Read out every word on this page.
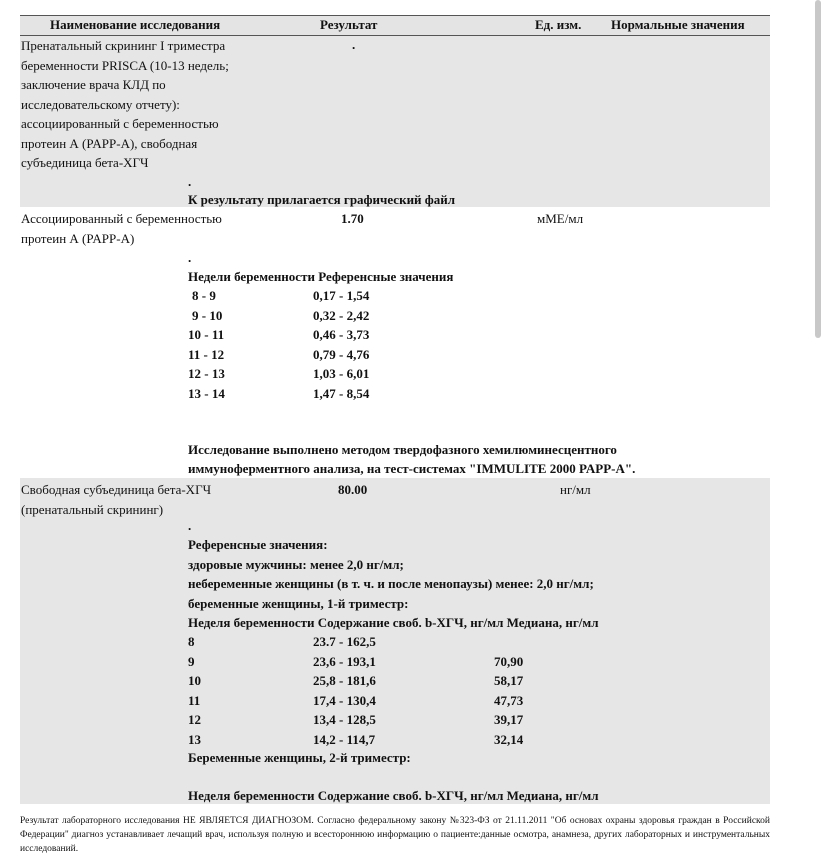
Наименование исследования	Результат	Ед. изм. Нормальные значения
Пренатальный скрининг I триместра
беременности PRISCA (10-13 недель;
заключение врача КЛД по
исследовательскому отчету):
ассоциированный с беременностью
протеин А (PAPP-A), свободная
субъединица бета-ХГЧ
.
.
К результату прилагается графический файл
Ассоциированный с беременностью
протеин А (PAPP-A)
1.70	мМЕ/мл
.
Недели беременности Референсные значения
8 - 9	0,17 - 1,54
9 - 10	0,32 - 2,42
10 - 11	0,46 - 3,73
11 - 12	0,79 - 4,76
12 - 13	1,03 - 6,01
13 - 14	1,47 - 8,54
Исследование выполнено методом твердофазного хемилюминесцентного
иммуноферментного анализа, на тест-системах "IMMULITE 2000 PAPP-A".
Свободная субъединица бета-ХГЧ
(пренатальный скрининг)
80.00	нг/мл
.
Референсные значения:
здоровые мужчины: менее 2,0 нг/мл;
небеременные женщины (в т. ч. и после менопаузы) менее: 2,0 нг/мл;
беременные женщины, 1-й триместр:
Неделя беременности Содержание своб. b-ХГЧ, нг/мл Медиана, нг/мл
8	23.7 - 162,5
9	23,6 - 193,1	70,90
10	25,8 - 181,6	58,17
11	17,4 - 130,4	47,73
12	13,4 - 128,5	39,17
13	14,2 - 114,7	32,14
Беременные женщины, 2-й триместр:
Неделя беременности Содержание своб. b-ХГЧ, нг/мл Медиана, нг/мл
Результат лабораторного исследования НЕ ЯВЛЯЕТСЯ ДИАГНОЗОМ. Согласно федеральному закону №323-ФЗ от 21.11.2011 "Об основах охраны здоровья граждан в Российской Федерации" диагноз устанавливает лечащий врач, используя полную и всестороннюю информацию о пациенте:данные осмотра, анамнеза, других лабораторных и инструментальных исследований.
